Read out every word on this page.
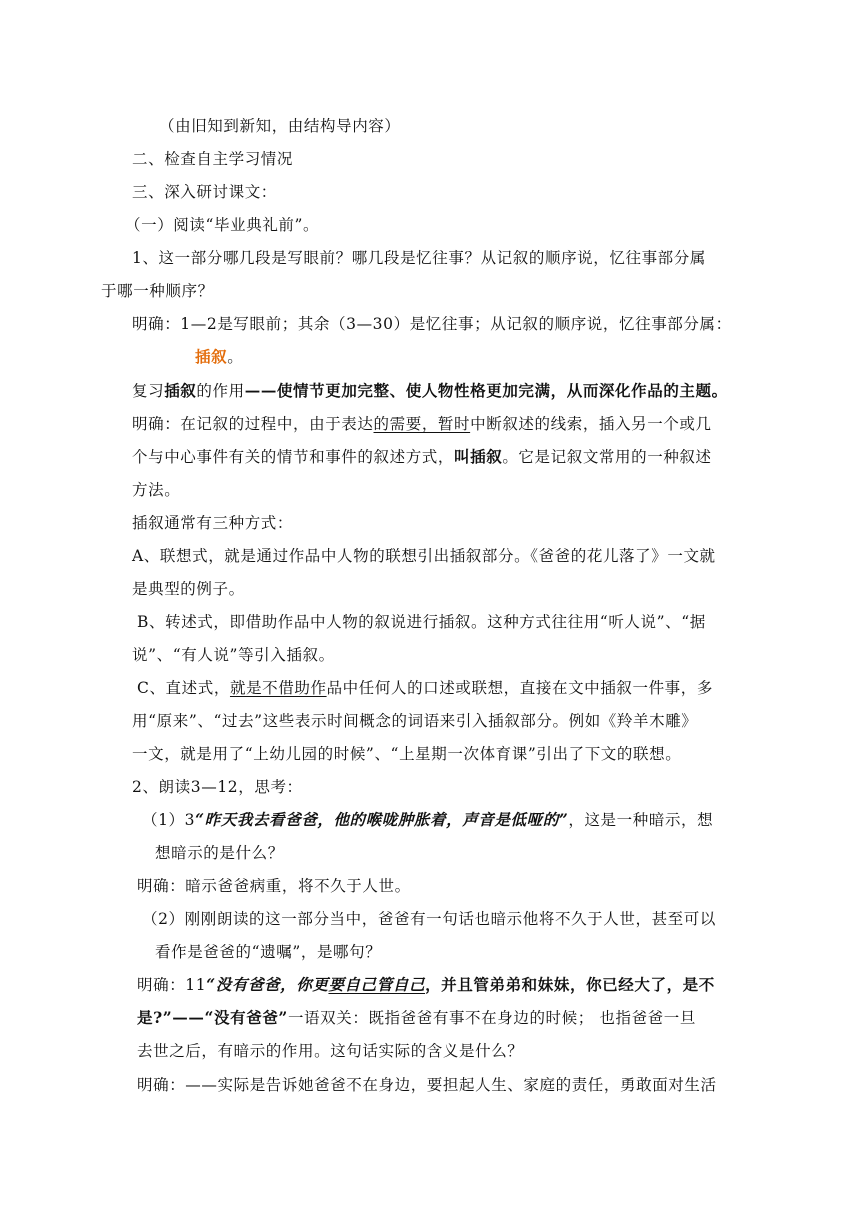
（由旧知到新知，由结构导内容）
二、检查自主学习情况
三、深入研讨课文：
（一）阅读“毕业典礼前”。
1、这一部分哪几段是写眼前？哪几段是忆往事？从记叙的顺序说，忆往事部分属
于哪一种顺序？
明确：1—2是写眼前；其余（3—30）是忆往事；从记叙的顺序说，忆往事部分属：
插叙。
复习插叙的作用——使情节更加完整、使人物性格更加完满，从而深化作品的主题。
明确：在记叙的过程中，由于表达的需要，暂时中断叙述的线索，插入另一个或几
个与中心事件有关的情节和事件的叙述方式，叫插叙。它是记叙文常用的一种叙述
方法。
插叙通常有三种方式：
A、联想式，就是通过作品中人物的联想引出插叙部分。《爸爸的花儿落了》一文就
是典型的例子。
B、转述式，即借助作品中人物的叙说进行插叙。这种方式往往用“听人说”、“据
说”、“有人说”等引入插叙。
C、直述式，就是不借助作品中任何人的口述或联想，直接在文中插叙一件事，多
用“原来”、“过去”这些表示时间概念的词语来引入插叙部分。例如《羚羊木雕》
一文，就是用了“上幼儿园的时候”、“上星期一次体育课”引出了下文的联想。
2、朗读3—12，思考：
（1）3“昨天我去看爸爸，他的喉咙肿胀着，声音是低哑的”，这是一种暗示，想
想暗示的是什么？
明确：暗示爸爸病重，将不久于人世。
（2）刚刚朗读的这一部分当中，爸爸有一句话也暗示他将不久于人世，甚至可以
看作是爸爸的“遗嘱”，是哪句？
明确：11“没有爸爸，你更要自己管自己，并且管弟弟和妹妹，你已经大了，是不
是?”——“没有爸爸”一语双关：既指爸爸有事不在身边的时候； 也指爸爸一旦
去世之后，有暗示的作用。这句话实际的含义是什么？
明确：——实际是告诉她爸爸不在身边，要担起人生、家庭的责任，勇敢面对生活
